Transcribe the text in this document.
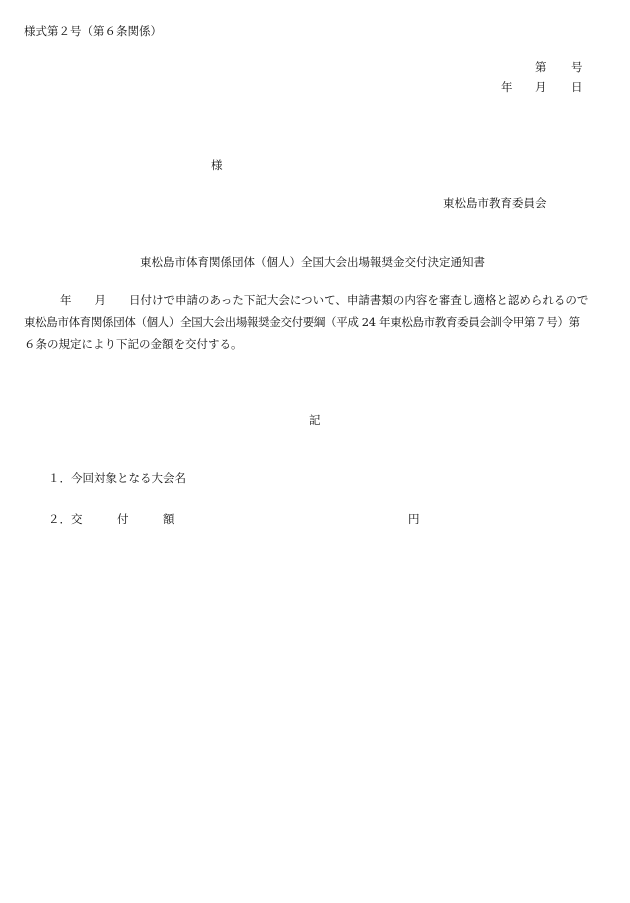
様式第２号（第６条関係）
第 号
年 月 日
様
東松島市教育委員会
東松島市体育関係団体（個人）全国大会出場報奨金交付決定通知書
年　　月　　日付けで申請のあった下記大会について、申請書類の内容を審査し適格と認められるので
東松島市体育関係団体（個人）全国大会出場報奨金交付要綱（平成 24 年東松島市教育委員会訓令甲第７号）第
６条の規定により下記の金額を交付する。
記
１．今回対象となる大会名
２．交　　　付　　　額	円
